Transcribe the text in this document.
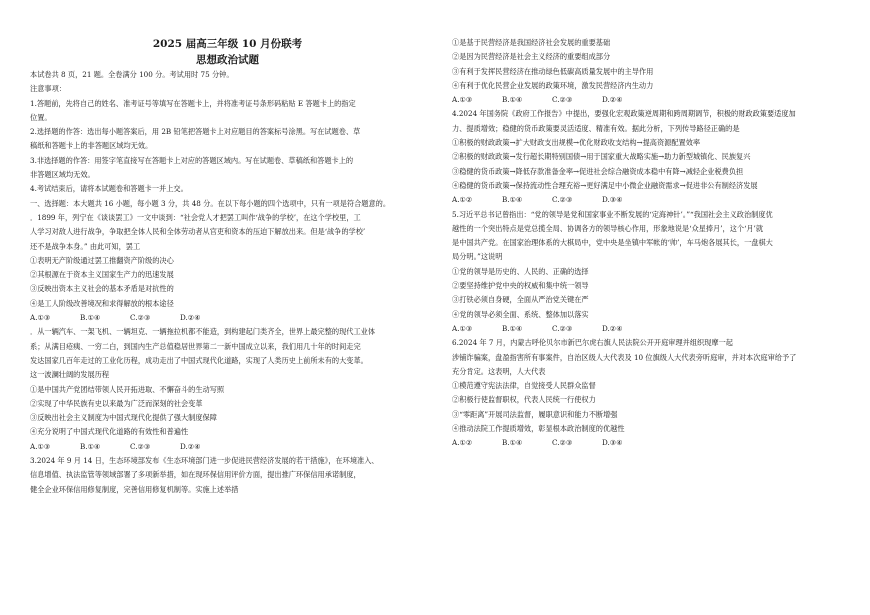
2025 届高三年级 10 月份联考
思想政治试题
本试卷共 8 页，21 题。全卷满分 100 分。考试用时 75 分钟。
注意事项：
1.答题前，先将自己的姓名、准考证号等填写在答题卡上，并将准考证号条形码粘贴 E 答题卡上的指定
位置。
2.选择题的作答：选出每小题答案后，用 2B 铅笔把答题卡上对应题目的答案标号涂黑。写在试题卷、草
稿纸和答题卡上的非答题区域均无效。
3.非选择题的作答：用签字笔直接写在答题卡上对应的答题区域内。写在试题卷、草稿纸和答题卡上的
非答题区域均无效。
4.考试结束后，请将本试题卷和答题卡一并上交。
一、选择题：本大题共 16 小题，每小题 3 分，共 48 分。在以下每小题的四个选项中，只有一项是符合题意的。
．1899 年，列宁在《谈谈罢工》一文中谈到：“社会党人才把罢工叫作‘战争的学校’，在这个学校里，工
人学习对敌人进行战争，争取把全体人民和全体劳动者从官吏和资本的压迫下解放出来。但是‘战争的学校’
还不是战争本身。” 由此可知，罢工
①表明无产阶级通过罢工推翻资产阶级的决心
②其根源在于资本主义国家生产力的迅速发展
③反映出资本主义社会的基本矛盾是对抗性的
④是工人阶级改善境况和求得解放的根本途径
A.①③	B.①④	C.②③	D.②④
．从一辆汽车、一架飞机、一辆坦克、一辆拖拉机都不能造，到构建起门类齐全，世界上最完整的现代工业体
系；从满目疮痍、一穷二白，到国内生产总值稳居世界第二一新中国成立以来，我们用几十年的时间走完
发达国家几百年走过的工业化历程，成功走出了中国式现代化道路，实现了人类历史上前所未有的大变革。
这一波澜壮阔的发展历程
①是中国共产党团结带领人民开拓进取、不懈奋斗的生动写照
②实现了中华民族有史以来最为广泛而深刻的社会变革
③反映出社会主义制度为中国式现代化提供了强大制度保障
④充分说明了中国式现代化道路的有效性和普遍性
A.①③	B.①④	C.②③	D.②④
3.2024 年 9 月 14 日，生态环境部发布《生态环境部门进一步促进民营经济发展的若干措施》，在环境准入、
信息增值、执法监管等领域部署了多项新举措，如在现环保信用评价方面，提出推广环保信用承诺制度，
健全企业环保信用修复制度，完善信用修复机制等。实施上述举措
①是基于民营经济是我国经济社会发展的重要基础
②是因为民营经济是社会主义经济的重要组成部分
③有利于发挥民营经济在推动绿色低碳高质量发展中的主导作用
④有利于优化民营企业发展的政策环境，激发民营经济内生动力
A.①③	B.①④	C.②③	D.②④
4.2024 年国务院《政府工作报告》中提出，要强化宏观政策逆周期和跨周期调节，积极的财政政策要适度加
力、提质增效；稳健的货币政策要灵活适度、精准有效。据此分析，下列传导路径正确的是
①积极的财政政策→扩大财政支出规模→优化财政收支结构→提高资源配置效率
②积极的财政政策→发行超长期特别国债→用于国家重大战略实施→助力新型城镇化、民族复兴
③稳健的货币政策→降低存款准备金率→促进社会综合融资成本稳中有降→减轻企业税费负担
④稳健的货币政策→保持流动性合理充裕→更好满足中小微企业融资需求→促进非公有制经济发展
A.①②	B.①④	C.②③	D.③④
5.习近平总书记曾指出：“党的领导是党和国家事业不断发展的‘定海神针’。”“我国社会主义政治制度优
越性的一个突出特点是党总揽全局、协调各方的领导核心作用，形象地说是‘众星捧月’，这个‘月’就
是中国共产党。在国家治理体系的大棋局中，党中央是坐镇中军帐的‘帅’，车马炮各展其长，一盘棋大
局分明。”这说明
①党的领导是历史的、人民的、正确的选择
②要坚持维护党中央的权威和集中统一领导
③打铁必须自身硬，全面从严治党关键在严
④党的领导必须全面、系统、整体加以落实
A.①③	B.①④	C.②③	D.②④
6.2024 年 7 月，内蒙古呼伦贝尔市新巴尔虎右旗人民法院公开开庭审理并组织现摩一起
涉铺诈骗案，盘盈指害所有事案件，自治区级人大代表及 10 位旗级人大代表旁听庭审，并对本次庭审给予了
充分肯定。这表明，人大代表
①模范遵守宪法法律，自觉接受人民群众监督
②积极行使监督职权，代表人民统一行使权力
③“零距离”开展司法监督，履职意识和能力不断增强
④推动法院工作提质增效，彰显根本政治制度的优越性
A.①②	B.①④	C.②③	D.③④
